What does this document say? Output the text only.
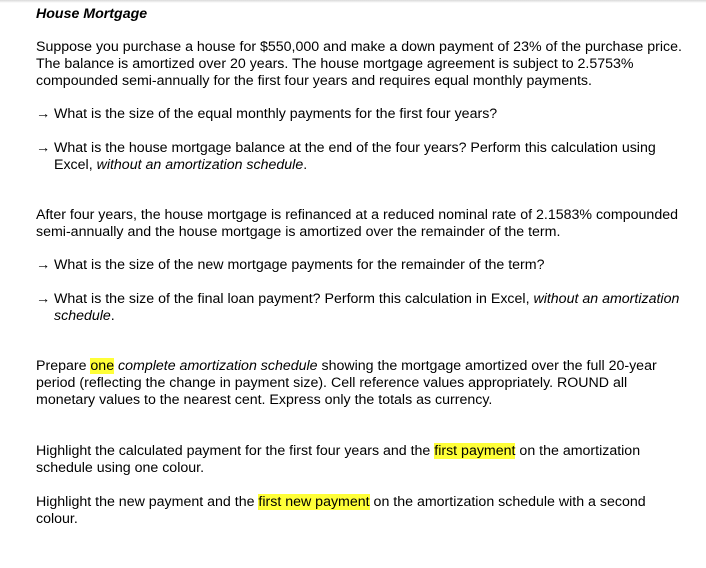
House Mortgage

Suppose you purchase a house for $550,000 and make a down payment of 23% of the purchase price. The balance is amortized over 20 years. The house mortgage agreement is subject to 2.5753% compounded semi-annually for the first four years and requires equal monthly payments.

→ What is the size of the equal monthly payments for the first four years?

→ What is the house mortgage balance at the end of the four years? Perform this calculation using Excel, without an amortization schedule.

After four years, the house mortgage is refinanced at a reduced nominal rate of 2.1583% compounded semi-annually and the house mortgage is amortized over the remainder of the term.

→ What is the size of the new mortgage payments for the remainder of the term?

→ What is the size of the final loan payment? Perform this calculation in Excel, without an amortization schedule.

Prepare one complete amortization schedule showing the mortgage amortized over the full 20-year period (reflecting the change in payment size). Cell reference values appropriately. ROUND all monetary values to the nearest cent. Express only the totals as currency.

Highlight the calculated payment for the first four years and the first payment on the amortization schedule using one colour.

Highlight the new payment and the first new payment on the amortization schedule with a second colour.
